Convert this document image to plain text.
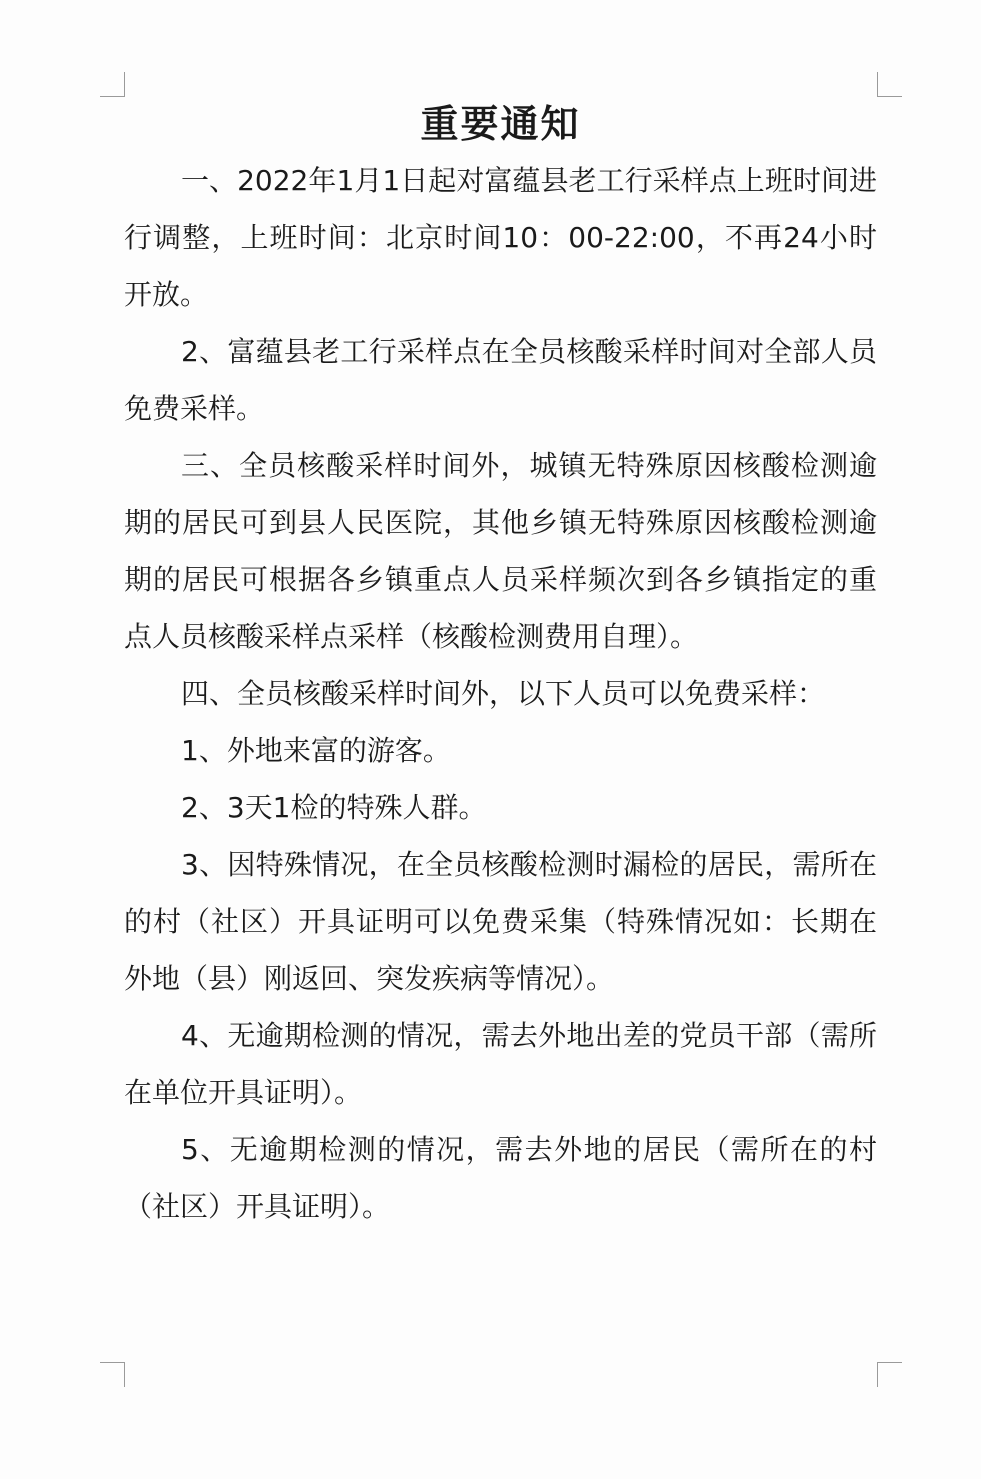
重要通知

一、2022年1月1日起对富蕴县老工行采样点上班时间进行调整，上班时间：北京时间10：00-22:00，不再24小时开放。

2、富蕴县老工行采样点在全员核酸采样时间对全部人员免费采样。

三、全员核酸采样时间外，城镇无特殊原因核酸检测逾期的居民可到县人民医院，其他乡镇无特殊原因核酸检测逾期的居民可根据各乡镇重点人员采样频次到各乡镇指定的重点人员核酸采样点采样（核酸检测费用自理）。

四、全员核酸采样时间外，以下人员可以免费采样：

1、外地来富的游客。

2、3天1检的特殊人群。

3、因特殊情况，在全员核酸检测时漏检的居民，需所在的村（社区）开具证明可以免费采集（特殊情况如：长期在外地（县）刚返回、突发疾病等情况）。

4、无逾期检测的情况，需去外地出差的党员干部（需所在单位开具证明）。

5、无逾期检测的情况，需去外地的居民（需所在的村（社区）开具证明）。
